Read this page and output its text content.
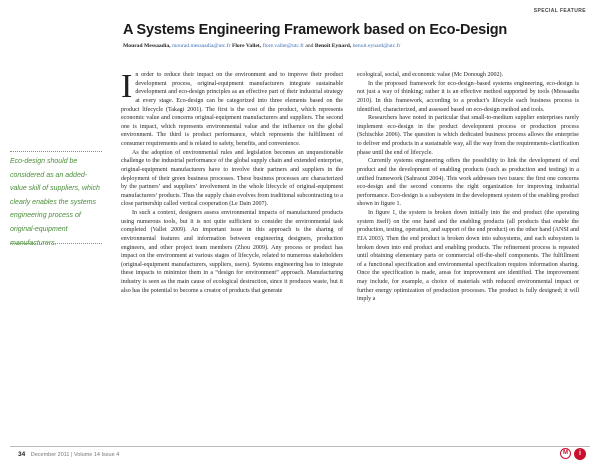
SPECIAL FEATURE
A Systems Engineering Framework based on Eco-Design
Mourad Messaadia, mourad.messaadia@utc.fr Flore Vallet, flore.vallet@utc.fr and Benoît Eynard, benoit.eynard@utc.fr
Eco-design should be considered as an added-value skill of suppliers, which clearly enables the systems engineering process of original-equipment manufacturers.

In order to reduce their impact on the environment and to improve their product development process, original-equipment manufacturers integrate sustainable development and eco-design principles as an effective part of their industrial strategy at every stage. Eco-design can be categorized into three elements based on the product lifecycle (Takagi 2001). The first is the cost of the product, which represents economic value and concerns original-equipment manufacturers and suppliers. The second one is impact, which represents environmental value and the influence on the global environment. The third is product performance, which represents the fulfillment of consumer requirements and is related to safety, benefits, and convenience.

As the adoption of environmental rules and legislation becomes an unquestionable challenge to the industrial performance of the global supply chain and extended enterprise, original-equipment manufacturers have to involve their partners and suppliers in the deployment of their green business processes. These business processes are characterized by the partners’ and suppliers’ involvement in the whole lifecycle of original-equipment manufacturers’ products. Thus the supply chain evolves from traditional subcontracting to a close partnership called vertical cooperation (Le Dain 2007).

In such a context, designers assess environmental impacts of manufactured products using numerous tools, but it is not quite sufficient to consider the environmental task completed (Vallet 2009). An important issue in this approach is the sharing of environmental features and information between engineering designers, production engineers, and other project team members (Zhou 2009). Any process or product has impact on the environment at various stages of lifecycle, related to numerous stakeholders (original-equipment manufacturers, suppliers, users). Systems engineering has to integrate these impacts to minimize them in a “design for environment” approach. Manufacturing industry is seen as the main cause of ecological destruction, since it produces waste, but it also has the potential to become a creator of products that generate

ecological, social, and economic value (Mc Donough 2002).

In the proposed framework for eco-design–based systems engineering, eco-design is not just a way of thinking; rather it is an effective method supported by tools (Messaadia 2010). In this framework, according to a product’s lifecycle each business process is identified, characterized, and assessed based on eco-design method and tools.

Researchers have noted in particular that small-to-medium supplier enterprises rarely implement eco-design in the product development process or production process (Schischke 2006). The question is which dedicated business process allows the enterprise to deliver end products in a sustainable way, all the way from the requirements-clarification phase until the end of lifecycle.

Currently systems engineering offers the possibility to link the development of end product and the development of enabling products (such as production and testing) in a unified framework (Sahraoui 2004). This work addresses two issues: the first one concerns eco-design and the second concerns the right organization for improving industrial performance. Eco-design is a subsystem in the development system of the enabling product shown in figure 1.

In figure 1, the system is broken down initially into the end product (the operating system itself) on the one hand and the enabling products (all products that enable the production, testing, operation, and support of the end product) on the other hand (ANSI and EIA 2003). Then the end product is broken down into subsystems, and each subsystem is broken down into end product and enabling products. The refinement process is repeated until obtaining elementary parts or commercial off-the-shelf components. The fulfillment of a functional specification and environmental specification requires information sharing. Once the specification is made, areas for improvement are identified. The improvement may include, for example, a choice of materials with reduced environmental impact or further energy optimization of production processes. The product is fully designed; it will imply a

34 December 2011 | Volume 14 Issue 4	M	i
